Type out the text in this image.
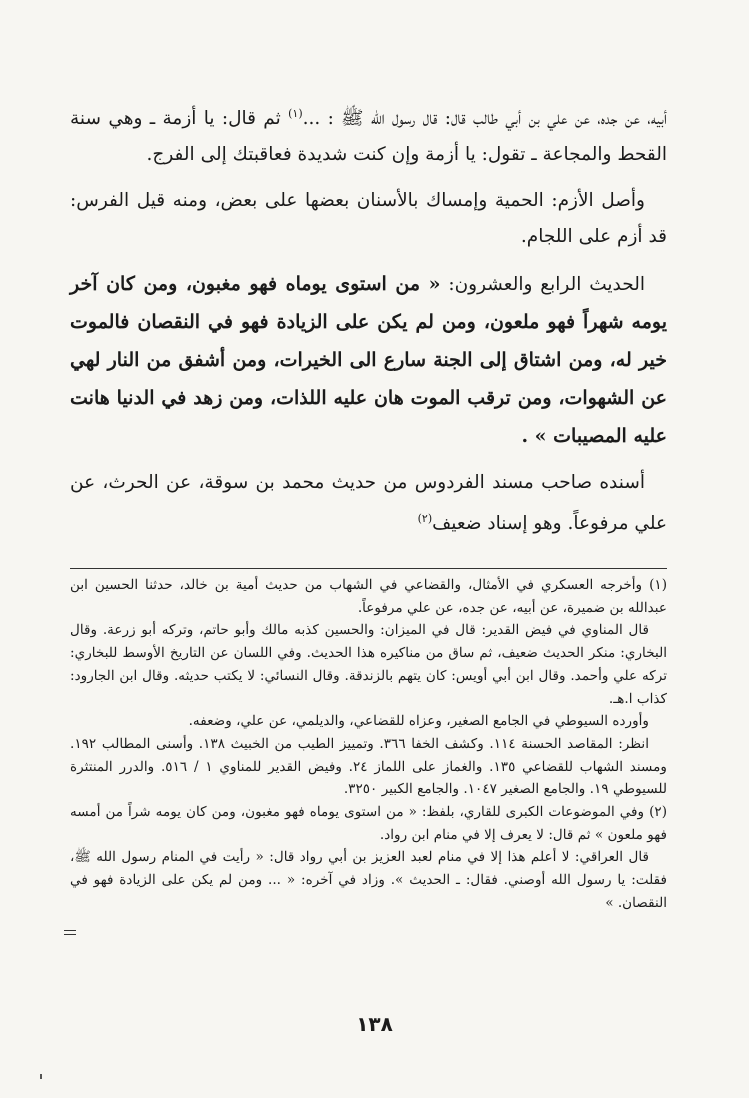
أبيه، عن جده، عن علي بن أبي طالب قال: قال رسول الله ﷺ : ...$^{(١)}$ ثم قال: يا أزمة ـ وهي سنة القحط والمجاعة ـ تقول: يا أزمة وإن كنت شديدة فعاقبتك إلى الفرج.

وأصل الأزم: الحمية وإمساك بالأسنان بعضها على بعض، ومنه قيل الفرس: قد أزم على اللجام.

الحديث الرابع والعشرون: « من استوى يوماه فهو مغبون، ومن كان آخر يومه شهراً فهو ملعون، ومن لم يكن على الزيادة فهو في النقصان فالموت خير له، ومن اشتاق إلى الجنة سارع الى الخيرات، ومن أشفق من النار لهي عن الشهوات، ومن ترقب الموت هان عليه اللذات، ومن زهد في الدنيا هانت عليه المصيبات » .

أسنده صاحب مسند الفردوس من حديث محمد بن سوقة، عن الحرث، عن علي مرفوعاً. وهو إسناد ضعيف$^{(٢)}$

(١) وأخرجه العسكري في الأمثال، والقضاعي في الشهاب من حديث أمية بن خالد، حدثنا الحسين ابن عبدالله بن ضميرة، عن أبيه، عن جده، عن علي مرفوعاً.

قال المناوي في فيض القدير: قال في الميزان: والحسين كذبه مالك وأبو حاتم، وتركه أبو زرعة. وقال البخاري: منكر الحديث ضعيف، ثم ساق من مناكيره هذا الحديث. وفي اللسان عن التاريخ الأوسط للبخاري: تركه علي وأحمد. وقال ابن أبي أويس: كان يتهم بالزندقة. وقال النسائي: لا يكتب حديثه. وقال ابن الجارود: كذاب ا.هـ.

وأورده السيوطي في الجامع الصغير، وعزاه للقضاعي، والديلمي، عن علي، وضعفه.

انظر: المقاصد الحسنة ١١٤. وكشف الخفا ٣٦٦. وتمييز الطيب من الخبيث ١٣٨. وأسنى المطالب ١٩٢. ومسند الشهاب للقضاعي ١٣٥. والغماز على اللماز ٢٤. وفيض القدير للمناوي ١ / ٥١٦. والدرر المنتثرة للسيوطي ١٩. والجامع الصغير ١٠٤٧. والجامع الكبير ٣٢٥٠.

(٢) وفي الموضوعات الكبرى للقاري، بلفظ: « من استوى يوماه فهو مغبون، ومن كان يومه شراً من أمسه فهو ملعون » ثم قال: لا يعرف إلا في منام ابن رواد.

قال العراقي: لا أعلم هذا إلا في منام لعبد العزيز بن أبي رواد قال: « رأيت في المنام رسول الله ﷺ، فقلت: يا رسول الله أوصني. فقال: ـ الحديث ». وزاد في آخره: « ... ومن لم يكن على الزيادة فهو في النقصان. »

١٣٨
